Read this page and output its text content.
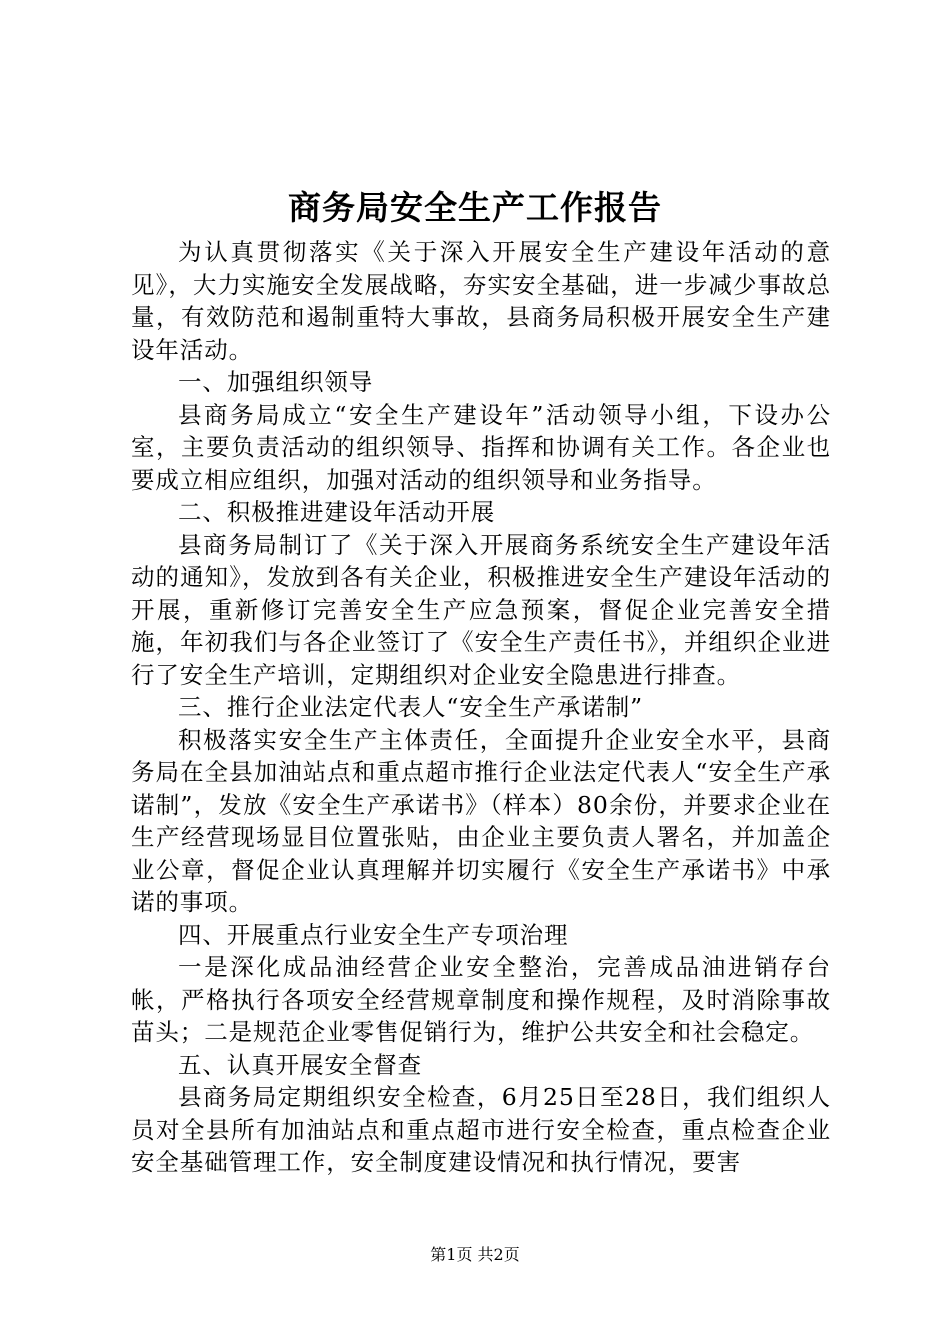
商务局安全生产工作报告

为认真贯彻落实《关于深入开展安全生产建设年活动的意见》，大力实施安全发展战略，夯实安全基础，进一步减少事故总量，有效防范和遏制重特大事故，县商务局积极开展安全生产建设年活动。

一、加强组织领导

县商务局成立“安全生产建设年”活动领导小组，下设办公室，主要负责活动的组织领导、指挥和协调有关工作。各企业也要成立相应组织，加强对活动的组织领导和业务指导。

二、积极推进建设年活动开展

县商务局制订了《关于深入开展商务系统安全生产建设年活动的通知》，发放到各有关企业，积极推进安全生产建设年活动的开展，重新修订完善安全生产应急预案，督促企业完善安全措施，年初我们与各企业签订了《安全生产责任书》，并组织企业进行了安全生产培训，定期组织对企业安全隐患进行排查。

三、推行企业法定代表人“安全生产承诺制”

积极落实安全生产主体责任，全面提升企业安全水平，县商务局在全县加油站点和重点超市推行企业法定代表人“安全生产承诺制”，发放《安全生产承诺书》（样本）80余份，并要求企业在生产经营现场显目位置张贴，由企业主要负责人署名，并加盖企业公章，督促企业认真理解并切实履行《安全生产承诺书》中承诺的事项。

四、开展重点行业安全生产专项治理

一是深化成品油经营企业安全整治，完善成品油进销存台帐，严格执行各项安全经营规章制度和操作规程，及时消除事故苗头；二是规范企业零售促销行为，维护公共安全和社会稳定。

五、认真开展安全督查

县商务局定期组织安全检查，6月25日至28日，我们组织人员对全县所有加油站点和重点超市进行安全检查，重点检查企业安全基础管理工作，安全制度建设情况和执行情况，要害

第1页 共2页
